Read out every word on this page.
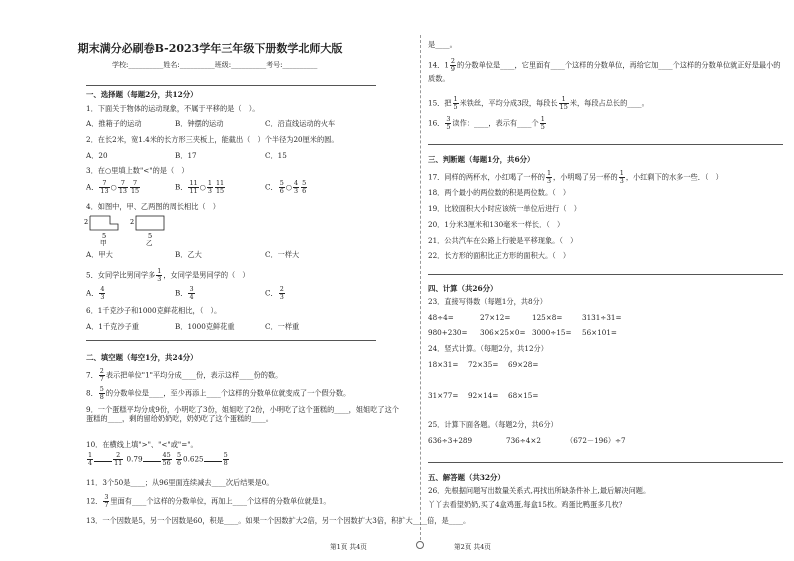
期末满分必刷卷B-2023学年三年级下册数学北师大版
学校:__________姓名:__________班级:__________考号:__________
一、选择题（每题2分，共12分）
1．下面关于物体的运动现象，不属于平移的是（　）。
A．推箱子的运动	B．钟摆的运动	C．沿直线运动的火车
2．在长2米，宽1.4米的长方形三夹板上，能截出（　）个半径为20厘米的圆。
A．20	B．17	C．15
3．在○里填上数"<"的是（　）
A． $\frac{7}{13}$ ○ $\frac{7}{13} \frac{7}{15}$	B． $\frac{11}{11}$ ○ $\frac{1}{3} \frac{11}{15}$	C． $\frac{5}{6}$ ○ $\frac{4}{3} \frac{5}{6}$
4．如图中，甲、乙两图的周长相比（　）
2
5
甲
2
5
乙
A．甲大	B．乙大	C．一样大
5．女同学比男同学多 $\frac{1}{3}$ ，女同学是男同学的（　）
A． $\frac{4}{3}$	B． $\frac{3}{4}$	C． $\frac{2}{3}$
6．1千克沙子和1000克鲜花相比，（　）。
A．1千克沙子重	B．1000克鲜花重	C．一样重
二、填空题（每空1分，共24分）
7． $\frac{2}{7}$ 表示把单位"1"平均分成____份，表示这样____份的数。
8． $\frac{5}{8}$ 的分数单位是____，至少再添上____个这样的分数单位就变成了一个假分数。
9．一个蛋糕平均分成9份，小明吃了3份，姐姐吃了2份，小明吃了这个蛋糕的____，姐姐吃了这个蛋糕的____，剩的留给奶奶吃，奶奶吃了这个蛋糕的____。
10．在横线上填">"、"<"或"="。
$\frac{1}{4}$	$\frac{2}{11} 0.79$	$\frac{45}{56}$
$\frac{5}{6} 0.625$	$\frac{5}{8}$
11．3个50是____；从96里面连续减去____次后结果是0。
12． $\frac{3}{7}$ 里面有____个这样的分数单位，再加上____个这样的分数单位就是1。
13．一个因数是5，另一个因数是60，积是____。如果一个因数扩大2倍，另一个因数扩大3倍，积扩大____倍，是____。
第1页 共4页
是____。
14．$1 \frac{2}{9}$ 的分数单位是____，它里面有____个这样的分数单位，再给它加____个这样的分数单位就正好是最小的质数。
15．把 $\frac{1}{5}$ 米铁丝，平均分成3段，每段长 $\frac{1}{15}$ 米，每段占总长的____。
16． $\frac{3}{5}$ 读作：____，表示有____个 $\frac{1}{5}$
三、判断题（每题1分，共6分）
17．同样的两杯水，小红喝了一杯的 $\frac{1}{3}$ ，小明喝了另一杯的 $\frac{1}{3}$ ，小红剩下的水多一些．（　）
18．两个最小的两位数的积是两位数。（　）
19．比较面积大小时应该统一单位后进行（　）
20．1分米3厘米和130毫米一样长．（　）
21．公共汽车在公路上行驶是平移现象。（　）
22．长方形的面积比正方形的面积大。（　）
四、计算（共26分）
23．直接写得数（每题1分，共8分）
48÷4=	27×12=	125×8=	3131÷31=
980+230= 306×25×0= 3000÷15= 56×101=
24．竖式计算。（每题2分，共12分）
18×31= 72×35= 69×28=
31×77= 92×14= 68×15=
25．计算下面各题。（每题2分，共6分）
636÷3+289	736÷4×2	（672－196）÷7
五、解答题（共32分）
26．先根据问题写出数量关系式,再找出所缺条件补上,最后解决问题。
丫丫去看望奶奶,买了4盒鸡蛋,每盒15枚。鸡蛋比鸭蛋多几枚？
第2页 共4页
